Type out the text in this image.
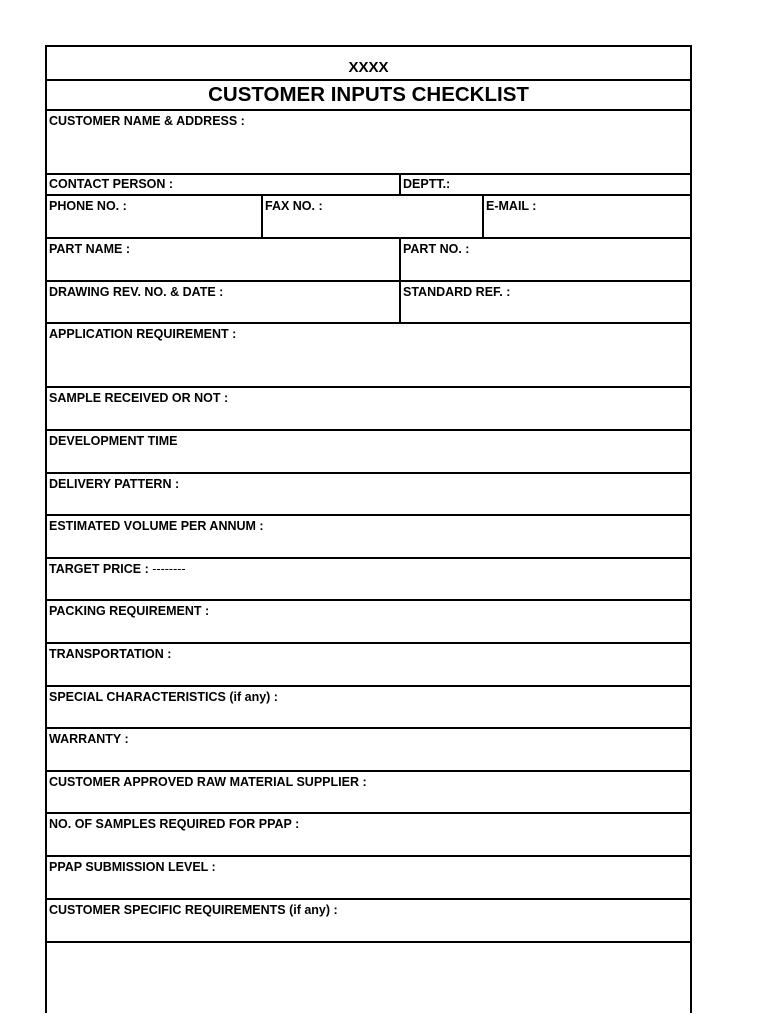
XXXX
CUSTOMER INPUTS CHECKLIST
CUSTOMER NAME & ADDRESS :
CONTACT PERSON :	DEPTT.:
PHONE NO. :	FAX NO. :	E-MAIL :
PART NAME :	PART NO. :
DRAWING REV. NO. & DATE :	STANDARD REF. :
APPLICATION REQUIREMENT :
SAMPLE RECEIVED OR NOT :
DEVELOPMENT TIME
DELIVERY PATTERN :
ESTIMATED VOLUME PER ANNUM :
TARGET PRICE : --------
PACKING REQUIREMENT :
TRANSPORTATION :
SPECIAL CHARACTERISTICS (if any) :
WARRANTY :
CUSTOMER APPROVED RAW MATERIAL SUPPLIER :
NO. OF SAMPLES REQUIRED FOR PPAP :
PPAP SUBMISSION LEVEL :
CUSTOMER SPECIFIC REQUIREMENTS (if any) :
